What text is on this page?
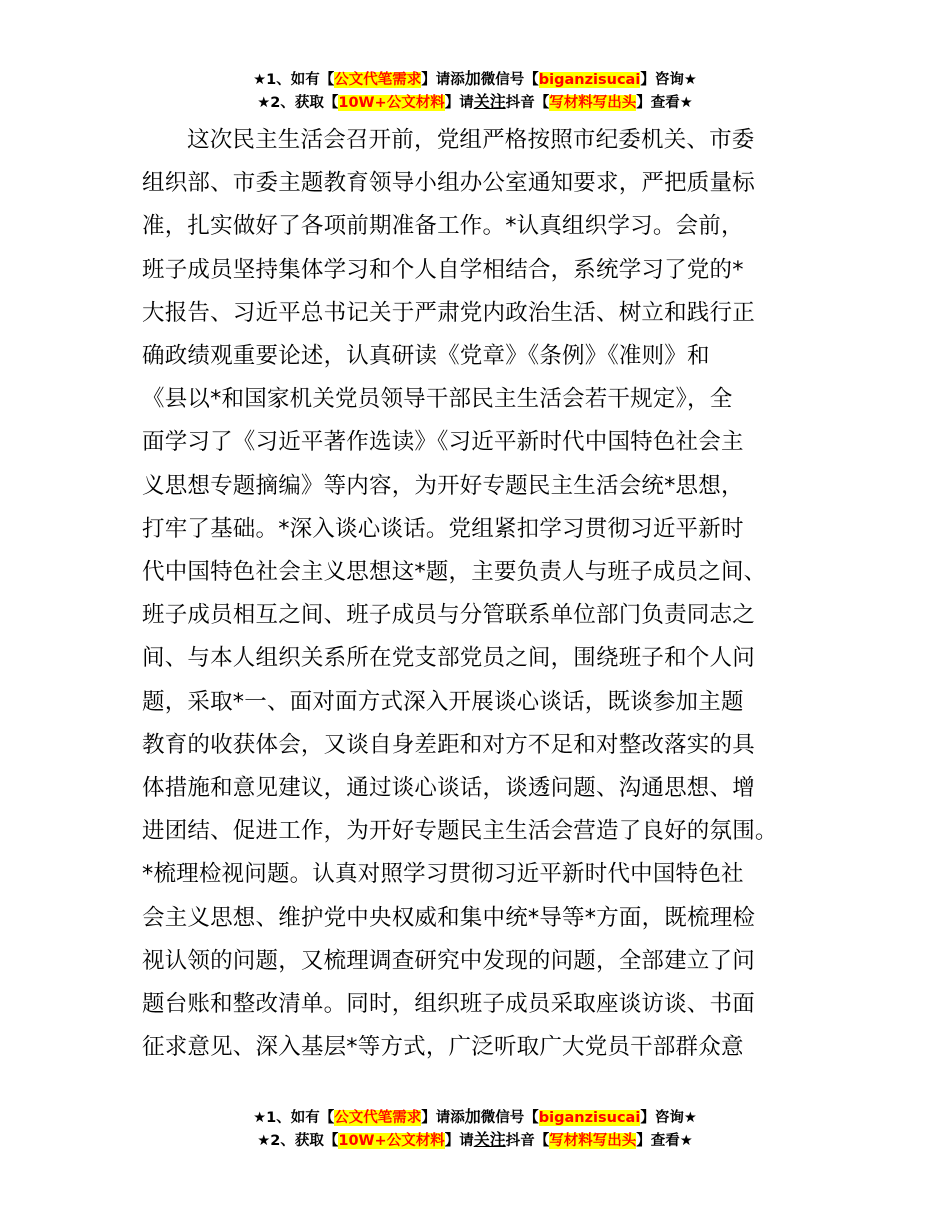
★1、如有【公文代笔需求】请添加微信号【biganzisucai】咨询★
★2、获取【10W+公文材料】请关注抖音【写材料写出头】查看★
这次民主生活会召开前，党组严格按照市纪委机关、市委
组织部、市委主题教育领导小组办公室通知要求，严把质量标
准，扎实做好了各项前期准备工作。*认真组织学习。会前，
班子成员坚持集体学习和个人自学相结合，系统学习了党的*
大报告、习近平总书记关于严肃党内政治生活、树立和践行正
确政绩观重要论述，认真研读《党章》《条例》《准则》和
《县以*和国家机关党员领导干部民主生活会若干规定》，全
面学习了《习近平著作选读》《习近平新时代中国特色社会主
义思想专题摘编》等内容，为开好专题民主生活会统*思想，
打牢了基础。*深入谈心谈话。党组紧扣学习贯彻习近平新时
代中国特色社会主义思想这*题，主要负责人与班子成员之间、
班子成员相互之间、班子成员与分管联系单位部门负责同志之
间、与本人组织关系所在党支部党员之间，围绕班子和个人问
题，采取*一、面对面方式深入开展谈心谈话，既谈参加主题
教育的收获体会，又谈自身差距和对方不足和对整改落实的具
体措施和意见建议，通过谈心谈话，谈透问题、沟通思想、增
进团结、促进工作，为开好专题民主生活会营造了良好的氛围。
*梳理检视问题。认真对照学习贯彻习近平新时代中国特色社
会主义思想、维护党中央权威和集中统*导等*方面，既梳理检
视认领的问题，又梳理调查研究中发现的问题，全部建立了问
题台账和整改清单。同时，组织班子成员采取座谈访谈、书面
征求意见、深入基层*等方式，广泛听取广大党员干部群众意
★1、如有【公文代笔需求】请添加微信号【biganzisucai】咨询★
★2、获取【10W+公文材料】请关注抖音【写材料写出头】查看★
